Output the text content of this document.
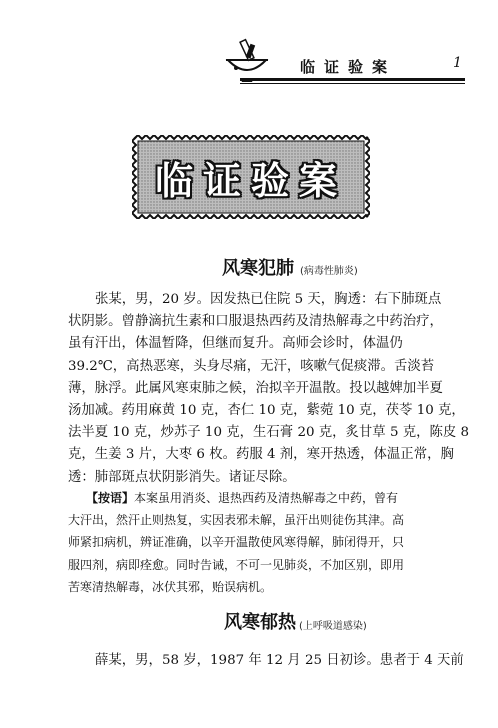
临证验案	1
临证验案
风寒犯肺 (病毒性肺炎)
张某，男，20 岁。因发热已住院 5 天，胸透：右下肺斑点
状阴影。曾静滴抗生素和口服退热西药及清热解毒之中药治疗，
虽有汗出，体温暂降，但继而复升。高师会诊时，体温仍
39.2℃，高热恶寒，头身尽痛，无汗，咳嗽气促痰滞。舌淡苔
薄，脉浮。此属风寒束肺之候，治拟辛开温散。投以越婢加半夏
汤加减。药用麻黄 10 克，杏仁 10 克，紫菀 10 克，茯苓 10 克，
法半夏 10 克，炒苏子 10 克，生石膏 20 克，炙甘草 5 克，陈皮 8
克，生姜 3 片，大枣 6 枚。药服 4 剂，寒开热透，体温正常，胸
透：肺部斑点状阴影消失。诸证尽除。
【按语】本案虽用消炎、退热西药及清热解毒之中药，曾有
大汗出，然汗止则热复，实因表邪未解，虽汗出则徒伤其津。高
师紧扣病机，辨证准确，以辛开温散使风寒得解，肺闭得开，只
服四剂，病即痊愈。同时告诫，不可一见肺炎，不加区别，即用
苦寒清热解毒，冰伏其邪，贻误病机。
风寒郁热 (上呼吸道感染)
薛某，男，58 岁，1987 年 12 月 25 日初诊。患者于 4 天前
